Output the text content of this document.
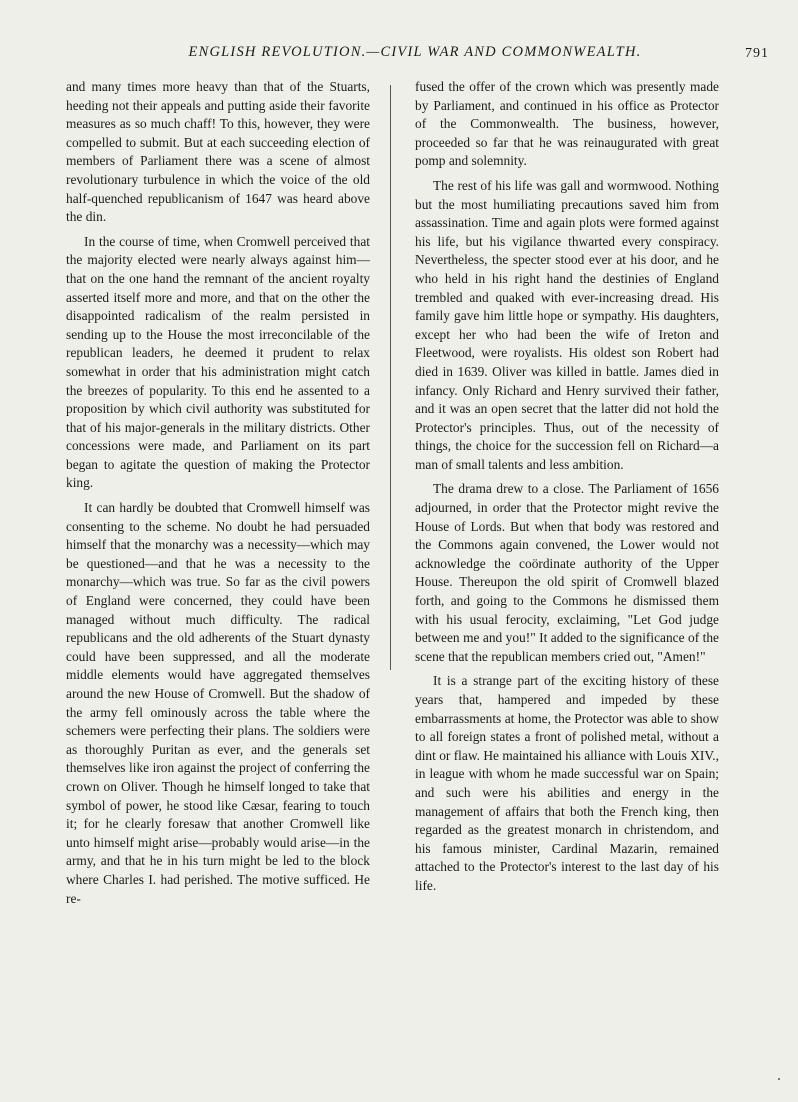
ENGLISH REVOLUTION.—CIVIL WAR AND COMMONWEALTH.	791

and many times more heavy than that of the Stuarts, heeding not their appeals and putting aside their favorite measures as so much chaff! To this, however, they were compelled to submit. But at each succeeding election of members of Parliament there was a scene of almost revolutionary turbulence in which the voice of the old half-quenched republicanism of 1647 was heard above the din.

In the course of time, when Cromwell perceived that the majority elected were nearly always against him—that on the one hand the remnant of the ancient royalty asserted itself more and more, and that on the other the disappointed radicalism of the realm persisted in sending up to the House the most irreconcilable of the republican leaders, he deemed it prudent to relax somewhat in order that his administration might catch the breezes of popularity. To this end he assented to a proposition by which civil authority was substituted for that of his major-generals in the military districts. Other concessions were made, and Parliament on its part began to agitate the question of making the Protector king.

It can hardly be doubted that Cromwell himself was consenting to the scheme. No doubt he had persuaded himself that the monarchy was a necessity—which may be questioned—and that he was a necessity to the monarchy—which was true. So far as the civil powers of England were concerned, they could have been managed without much difficulty. The radical republicans and the old adherents of the Stuart dynasty could have been suppressed, and all the moderate middle elements would have aggregated themselves around the new House of Cromwell. But the shadow of the army fell ominously across the table where the schemers were perfecting their plans. The soldiers were as thoroughly Puritan as ever, and the generals set themselves like iron against the project of conferring the crown on Oliver. Though he himself longed to take that symbol of power, he stood like Cæsar, fearing to touch it; for he clearly foresaw that another Cromwell like unto himself might arise—probably would arise—in the army, and that he in his turn might be led to the block where Charles I. had perished. The motive sufficed. He re-

fused the offer of the crown which was presently made by Parliament, and continued in his office as Protector of the Commonwealth. The business, however, proceeded so far that he was reinaugurated with great pomp and solemnity.

The rest of his life was gall and wormwood. Nothing but the most humiliating precautions saved him from assassination. Time and again plots were formed against his life, but his vigilance thwarted every conspiracy. Nevertheless, the specter stood ever at his door, and he who held in his right hand the destinies of England trembled and quaked with ever-increasing dread. His family gave him little hope or sympathy. His daughters, except her who had been the wife of Ireton and Fleetwood, were royalists. His oldest son Robert had died in 1639. Oliver was killed in battle. James died in infancy. Only Richard and Henry survived their father, and it was an open secret that the latter did not hold the Protector's principles. Thus, out of the necessity of things, the choice for the succession fell on Richard—a man of small talents and less ambition.

The drama drew to a close. The Parliament of 1656 adjourned, in order that the Protector might revive the House of Lords. But when that body was restored and the Commons again convened, the Lower would not acknowledge the coördinate authority of the Upper House. Thereupon the old spirit of Cromwell blazed forth, and going to the Commons he dismissed them with his usual ferocity, exclaiming, "Let God judge between me and you!" It added to the significance of the scene that the republican members cried out, "Amen!"

It is a strange part of the exciting history of these years that, hampered and impeded by these embarrassments at home, the Protector was able to show to all foreign states a front of polished metal, without a dint or flaw. He maintained his alliance with Louis XIV., in league with whom he made successful war on Spain; and such were his abilities and energy in the management of affairs that both the French king, then regarded as the greatest monarch in christendom, and his famous minister, Cardinal Mazarin, remained attached to the Protector's interest to the last day of his life.
